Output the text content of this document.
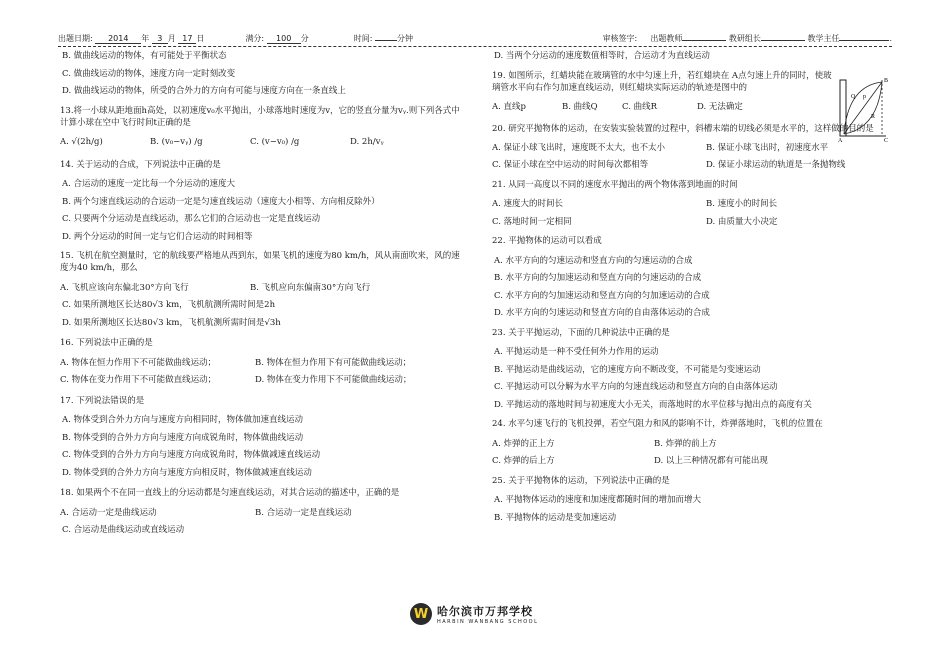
出题日期: 2014 年 3 月 17 日	满分: 100 分	时间:	分钟	审核签字: 出题教师	教研组长	教学主任	.
B. 做曲线运动的物体，有可能处于平衡状态
C. 做曲线运动的物体，速度方向一定时刻改变
D. 做曲线运动的物体，所受的合外力的方向有可能与速度方向在一条直线上
13.将一小球从距地面h高处，以初速度v₀水平抛出，小球落地时速度为v，它的竖直分量为vᵧ.则下列各式中计算小球在空中飞行时间t正确的是
A. √(2h/g)	B. (v₀−vᵧ) /g	C. (v−v₀) /g	D. 2h/vᵧ
14. 关于运动的合成，下列说法中正确的是
A. 合运动的速度一定比每一个分运动的速度大
B. 两个匀速直线运动的合运动一定是匀速直线运动（速度大小相等、方向相反除外）
C. 只要两个分运动是直线运动，那么它们的合运动也一定是直线运动
D. 两个分运动的时间一定与它们合运动的时间相等
15. 飞机在航空测量时，它的航线要严格地从西到东，如果飞机的速度为80 km/h，风从南面吹来，风的速度为40 km/h，那么
A. 飞机应该向东偏北30°方向飞行	B. 飞机应向东偏南30°方向飞行
C. 如果所测地区长达80√3 km，飞机航测所需时间是2h
D. 如果所测地区长达80√3 km，飞机航测所需时间是√3h
16. 下列说法中正确的是
A. 物体在恒力作用下不可能做曲线运动；	B. 物体在恒力作用下有可能做曲线运动；
C. 物体在变力作用下不可能做直线运动；	D. 物体在变力作用下不可能做曲线运动；
17. 下列说法错误的是
A. 物体受到合外力方向与速度方向相同时，物体做加速直线运动
B. 物体受到的合外力方向与速度方向成锐角时，物体做曲线运动
C. 物体受到的合外力方向与速度方向成锐角时，物体做减速直线运动
D. 物体受到的合外力方向与速度方向相反时，物体做减速直线运动
18. 如果两个不在同一直线上的分运动都是匀速直线运动，对其合运动的描述中，正确的是
A. 合运动一定是曲线运动	B. 合运动一定是直线运动
C. 合运动是曲线运动或直线运动
D. 当两个分运动的速度数值相等时，合运动才为直线运动
19. 如图所示，红蜡块能在玻璃管的水中匀速上升，若红蜡块在 A点匀速上升的同时，使玻璃管水平向右作匀加速直线运动，则红蜡块实际运动的轨迹是图中的
A. 直线p	B. 曲线Q	C. 曲线R	D. 无法确定
20. 研究平抛物体的运动，在安装实验装置的过程中，斜槽末端的切线必须是水平的，这样做的目的是
A. 保证小球飞出时，速度既不太大，也不太小	B. 保证小球飞出时，初速度水平
C. 保证小球在空中运动的时间每次都相等	D. 保证小球运动的轨道是一条抛物线
21. 从同一高度以不同的速度水平抛出的两个物体落到地面的时间
A. 速度大的时间长	B. 速度小的时间长
C. 落地时间一定相同	D. 由质量大小决定
22. 平抛物体的运动可以看成
A. 水平方向的匀速运动和竖直方向的匀速运动的合成
B. 水平方向的匀加速运动和竖直方向的匀速运动的合成
C. 水平方向的匀加速运动和竖直方向的匀加速运动的合成
D. 水平方向的匀速运动和竖直方向的自由落体运动的合成
23. 关于平抛运动，下面的几种说法中正确的是
A. 平抛运动是一种不受任何外力作用的运动
B. 平抛运动是曲线运动，它的速度方向不断改变，不可能是匀变速运动
C. 平抛运动可以分解为水平方向的匀速直线运动和竖直方向的自由落体运动
D. 平抛运动的落地时间与初速度大小无关，而落地时的水平位移与抛出点的高度有关
24. 水平匀速飞行的飞机投弹，若空气阻力和风的影响不计，炸弹落地时，飞机的位置在
A. 炸弹的正上方	B. 炸弹的前上方
C. 炸弹的后上方	D. 以上三种情况都有可能出现
25. 关于平抛物体的运动，下列说法中正确的是
A. 平抛物体运动的速度和加速度都随时间的增加而增大
B. 平抛物体的运动是变加速运动
p
Q
R
A
B
C
W 哈尔滨市万邦学校
HARBIN WANBANG SCHOOL
